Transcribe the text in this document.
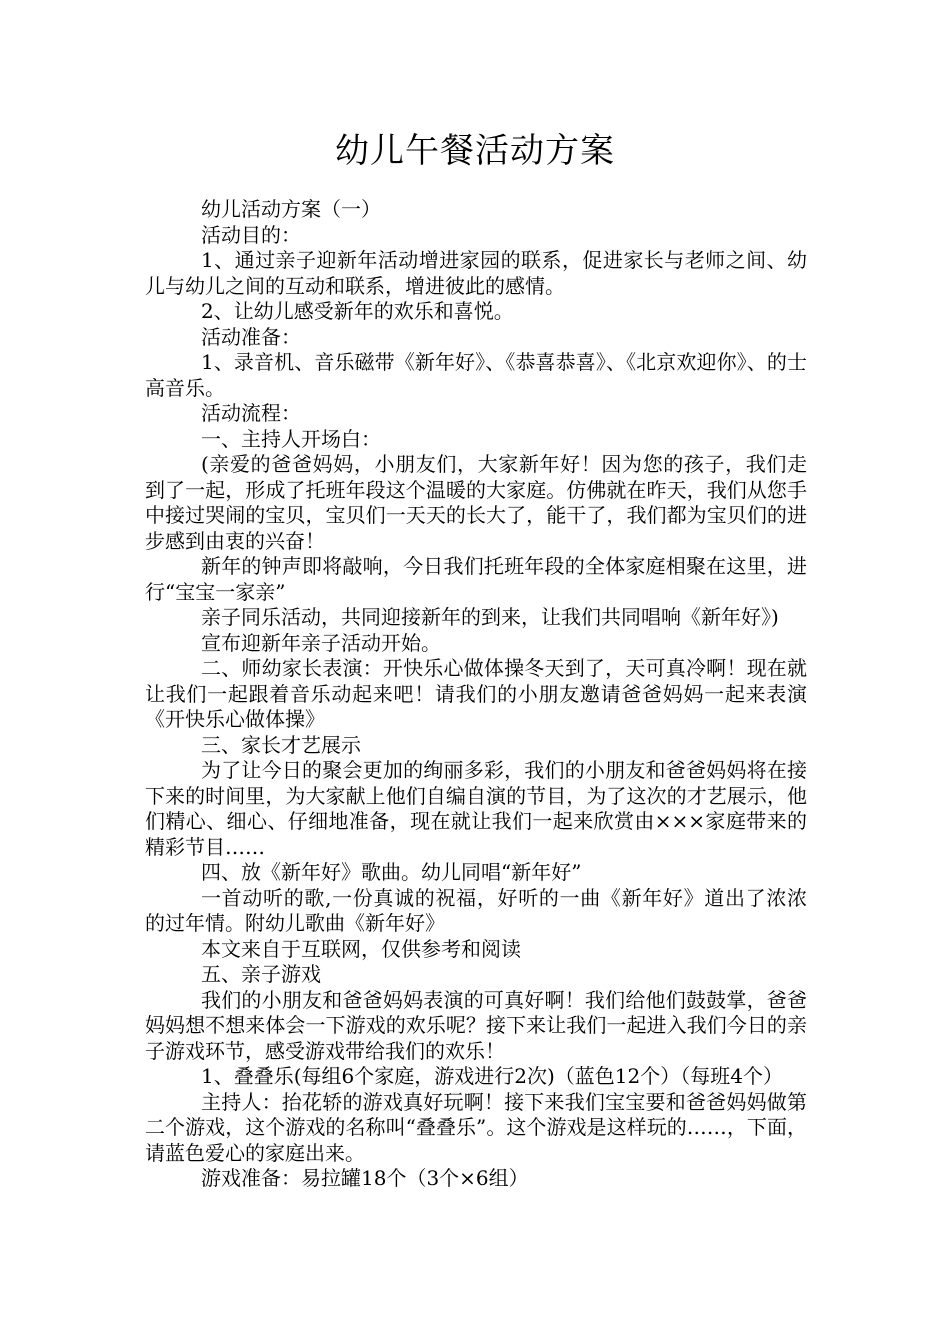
幼儿午餐活动方案

幼儿活动方案（一）

活动目的：

1、通过亲子迎新年活动增进家园的联系，促进家长与老师之间、幼儿与幼儿之间的互动和联系，增进彼此的感情。

2、让幼儿感受新年的欢乐和喜悦。

活动准备：

1、录音机、音乐磁带《新年好》、《恭喜恭喜》、《北京欢迎你》、的士高音乐。

活动流程：

一、主持人开场白：

(亲爱的爸爸妈妈，小朋友们，大家新年好！因为您的孩子，我们走到了一起，形成了托班年段这个温暖的大家庭。仿佛就在昨天，我们从您手中接过哭闹的宝贝，宝贝们一天天的长大了，能干了，我们都为宝贝们的进步感到由衷的兴奋！

新年的钟声即将敲响，今日我们托班年段的全体家庭相聚在这里，进行“宝宝一家亲”

亲子同乐活动，共同迎接新年的到来，让我们共同唱响《新年好》)

宣布迎新年亲子活动开始。

二、师幼家长表演：开快乐心做体操冬天到了，天可真冷啊！现在就让我们一起跟着音乐动起来吧！请我们的小朋友邀请爸爸妈妈一起来表演《开快乐心做体操》

三、家长才艺展示

为了让今日的聚会更加的绚丽多彩，我们的小朋友和爸爸妈妈将在接下来的时间里，为大家献上他们自编自演的节目，为了这次的才艺展示，他们精心、细心、仔细地准备，现在就让我们一起来欣赏由×××家庭带来的精彩节目……

四、放《新年好》歌曲。幼儿同唱“新年好”

一首动听的歌,一份真诚的祝福，好听的一曲《新年好》道出了浓浓的过年情。附幼儿歌曲《新年好》

本文来自于互联网，仅供参考和阅读

五、亲子游戏

我们的小朋友和爸爸妈妈表演的可真好啊！我们给他们鼓鼓掌，爸爸妈妈想不想来体会一下游戏的欢乐呢？接下来让我们一起进入我们今日的亲子游戏环节，感受游戏带给我们的欢乐！

1、叠叠乐(每组6个家庭，游戏进行2次)（蓝色12个）（每班4个）

主持人：抬花轿的游戏真好玩啊！接下来我们宝宝要和爸爸妈妈做第二个游戏，这个游戏的名称叫“叠叠乐”。这个游戏是这样玩的……，下面，请蓝色爱心的家庭出来。

游戏准备：易拉罐18个（3个×6组）
